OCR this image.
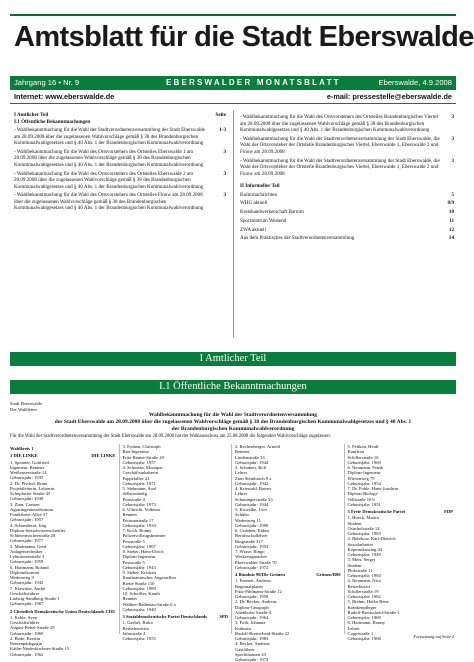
Amtsblatt für die Stadt Eberswalde
Jahrgang 16 • Nr. 9	EBERSWALDER MONATSBLATT	Eberswalde, 4.9.2008
Internet: www.eberswalde.de	e-mail: pressestelle@eberswalde.de
I Amtlicher Teil	Seite
I.1 Öffentliche Bekanntmachungen
- Wahlbekanntmachung für die Wahl der Stadtverordnetenversammlung der Stadt Eberswalde am 28.09.2008 über die zugelassenen Wahlvorschläge gemäß § 38 des Brandenburgischen Kommunalwahlgesetzes und § 40 Abs. 1 der Brandenburgischen Kommunalwahlverordnung
1-3
- Wahlbekanntmachung für die Wahl des Ortsvorstehers des Ortsteiles Eberswalde 1 am 28.09.2008 über die zugelassenen Wahlvorschläge gemäß § 38 des Brandenburgischen Kommunalwahlgesetzes und § 40 Abs. 1 der Brandenburgischen Kommunalwahlverordnung
3
- Wahlbekanntmachung für die Wahl des Ortsvorstehers des Ortsteiles Eberswalde 2 am 28.09.2008 über die zugelassenen Wahlvorschläge gemäß § 38 des Brandenburgischen Kommunalwahlgesetzes und § 40 Abs. 1 der Brandenburgischen Kommunalwahlverordnung
3
- Wahlbekanntmachung für die Wahl des Ortsvorstehers des Ortsteiles Finow am 28.09.2008 über die zugelassenen Wahlvorschläge gemäß § 38 des Brandenburgischen Kommunalwahlgesetzes und § 40 Abs. 1 der Brandenburgischen Kommunalwahlverordnung
3
- Wahlbekanntmachung für die Wahl des Ortsvorstehers des Ortsteiles Brandenburgisches Viertel am 28.09.2008 über die zugelassenen Wahlvorschläge gemäß § 38 des Brandenburgischen Kommunalwahlgesetzes und § 40 Abs. 1 der Brandenburgischen Kommunalwahlverordnung
3
- Wahlbekanntmachung für die Wahl der Stadtverordnetenversammlung der Stadt Eberswalde, die Wahl der Ortsvorsteher der Ortsteile Brandenburgisches Viertel, Eberswalde 1, Eberswalde 2 und Finow am 28.09.2008
3
- Wahlbekanntmachung für die Wahl der Stadtverordnetenversammlung der Stadt Eberswalde, die Wahl der Ortsvorsteher der Ortsteile Brandenburgisches Viertel, Eberswalde 1, Eberswalde 2 und Finow am 28.09.2008
3
II Informeller Teil
Kulturnachrichten	5
WHG aktuell	8/9
Kreishandwerkerschaft Barnim	10
Sportzentrum Westend	11
ZWA aktuell	12
Aus dem Praktisches der Stadtverordnetenversammlung	14
I Amtlicher Teil
I.1 Öffentliche Bekanntmachungen
Stadt Eberswalde
Der Wahlleiter
Wahlbekanntmachung für die Wahl der Stadtverordnetenversammlung
der Stadt Eberswalde am 28.09.2008 über die zugelassenen Wahlvorschläge gemäß § 38 des Brandenburgischen Kommunalwahlgesetzes und § 40 Abs. 1
der Brandenburgischen Kommunalwahlverordnung
Für die Wahl der Stadtverordnetenversammlung der Stadt Eberswalde am 28.09.2008 hat der Wahlausschuss am 25.08.2008 die folgenden Wahlvorschläge zugelassen:
Wahlkreis 1
DIE LINKE
1 DIE LINKE
1. Sponner, Gottfried
Ingenieur, Rentner
Weißenseestraße 14
Geburtsjahr: 1935
2. Dr. Pischel, Bruni
Projektleiterin, Lehrerin
Schöpfurter Straße 45
Geburtsjahr: 1949
3. Zinn, Carsten
Agraringenieurökonom
Frankfurter Allee 57
Geburtsjahr: 1957
4. Schneiderat, Jörg
Diplom-Sozialwissenschaftler
Schleiermacherstraße 28
Geburtsjahr: 1977
5. Markmann, Gerd
Anlagentechniker
Lehnitzseestraße 3
Geburtsjahr: 1959
6. Hartmann, Roland
Diplomökonom
Wedenweg 9
Geburtsjahr: 1942
7. Klawitter, André
Geschäftsführer
Ludwig-Sandberg-Straße 1
Geburtsjahr: 1967
CDU
2 Christlich Demokratische Union Deutschlands
1. Kehle, Sven
Geschäftsführer
August-Bebel-Straße 29
Geburtsjahr: 1969
2. Bode, Kerstin
Rentenpädagogin
Käthe-Niederkirchner-Straße 15
Geburtsjahr: 1962
3. Eydam, Christoph
Bau-Ingenieur
Fritz-Reuter-Straße 20
Geburtsjahr: 1957
4. Schostan, Monique
Geschäftsinhaberin
Pappelallee 22
Geburtsjahr: 1971
5. Siekmann, Axel
Selbstständig
Poststraße 4
Geburtsjahr: 1973
6. Ulbricht, Volkmar
Rentner
Fortunastraße 17
Geburtsjahr: 1934
7. Koch, Ronny
Polizeivollzugsbeamter
Poststraße 5
Geburtsjahr: 1967
8. Sieber, Hans-Ulrich
Diplom-Ingenieur
Poststraße 5
Geburtsjahr: 1943
9. Sieber, Kristian
Kaufmännischer Angestellter
Breite Straße 110
Geburtsjahr: 1983
10. Scheffler, Knuth
Rentner
Walther-Rathenau-Straße 6 a
Geburtsjahr: 1940
SPD
3 Sozialdemokratische Partei Deutschlands
1. Gaebel, Birka
Betriebswirtin
Jahnstraße 4
Geburtsjahr: 1955
2. Rechenberger, Arnold
Rentner
Lindenstraße 33
Geburtsjahr: 1944
3. Schubert, Rolf
Lehrer
Zum Steinbruch 8 a
Geburtsjahr: 1942
4. Kriewald, Rainer
Lehrer
Schoningerstraße 53
Geburtsjahr: 1944
5. Kowalke, Uwe
Schüler
Wedenweg 11
Geburtsjahr: 1990
6. Grabben, Eldast
Berufsschullehrer
Ringstraße 317
Geburtsjahr: 1954
7. Wrase, Ringo
Werkzeugmacher
Eberswalder Straße 70
Geburtsjahr: 1972
Grünen/B90
4 Bündnis 90/Die Grünen
1. Fennert, Andreas
Regionalplaner
Fritz-Pihlmann-Straße 12
Geburtsjahr: 1958
2. Dr. Becker, Andreas
Diplom-Geograph
Altenhofer Straße 4
Geburtsjahr: 1964
3. Foth, Johanna
Kubistin
Rudolf-Breitscheid-Straße 22
Geburtsjahr: 1983
4. Becker, Andreas
Gastführer
Spechthausen 43
Geburtsjahr: 1974
5. Pelikan, Heidi
Kauffrau
Schillerstraße 16
Geburtsjahr: 1969
6. Neumann, Frank
Diplom-Ingenieur
Wiesenweg 79
Geburtsjahr: 1954
7. Dr. Pohle, Hans-Joachim
Diplom-Biologe
Tellstraße 10 b
Geburtsjahr: 1951
FDP
5 Freie Demokratische Partei
1. Hueck, Martin
Student
Ostrthofstraße 14
Geburtsjahr: 1983
2. Behrkow, Karl-Dietrich
Sozialarbeiter
Kopernikusring 44
Geburtsjahr: 1949
3. Meis, Sergej
Student
Plokstraße 11
Geburtsjahr: 1984
4. Neumann, Nico
Betriebswirt
Schillerstraße 19
Geburtsjahr: 1982
5. Brehm, Heiko Rene
Krankenpfleger
Rudolf-Breitscheid-Straße 1
Geburtsjahr: 1969
6. Hartmann, Ronny
Lehrer
Coppistraße 1
Geburtsjahr: 1968	Fortsetzung auf Seite 2
